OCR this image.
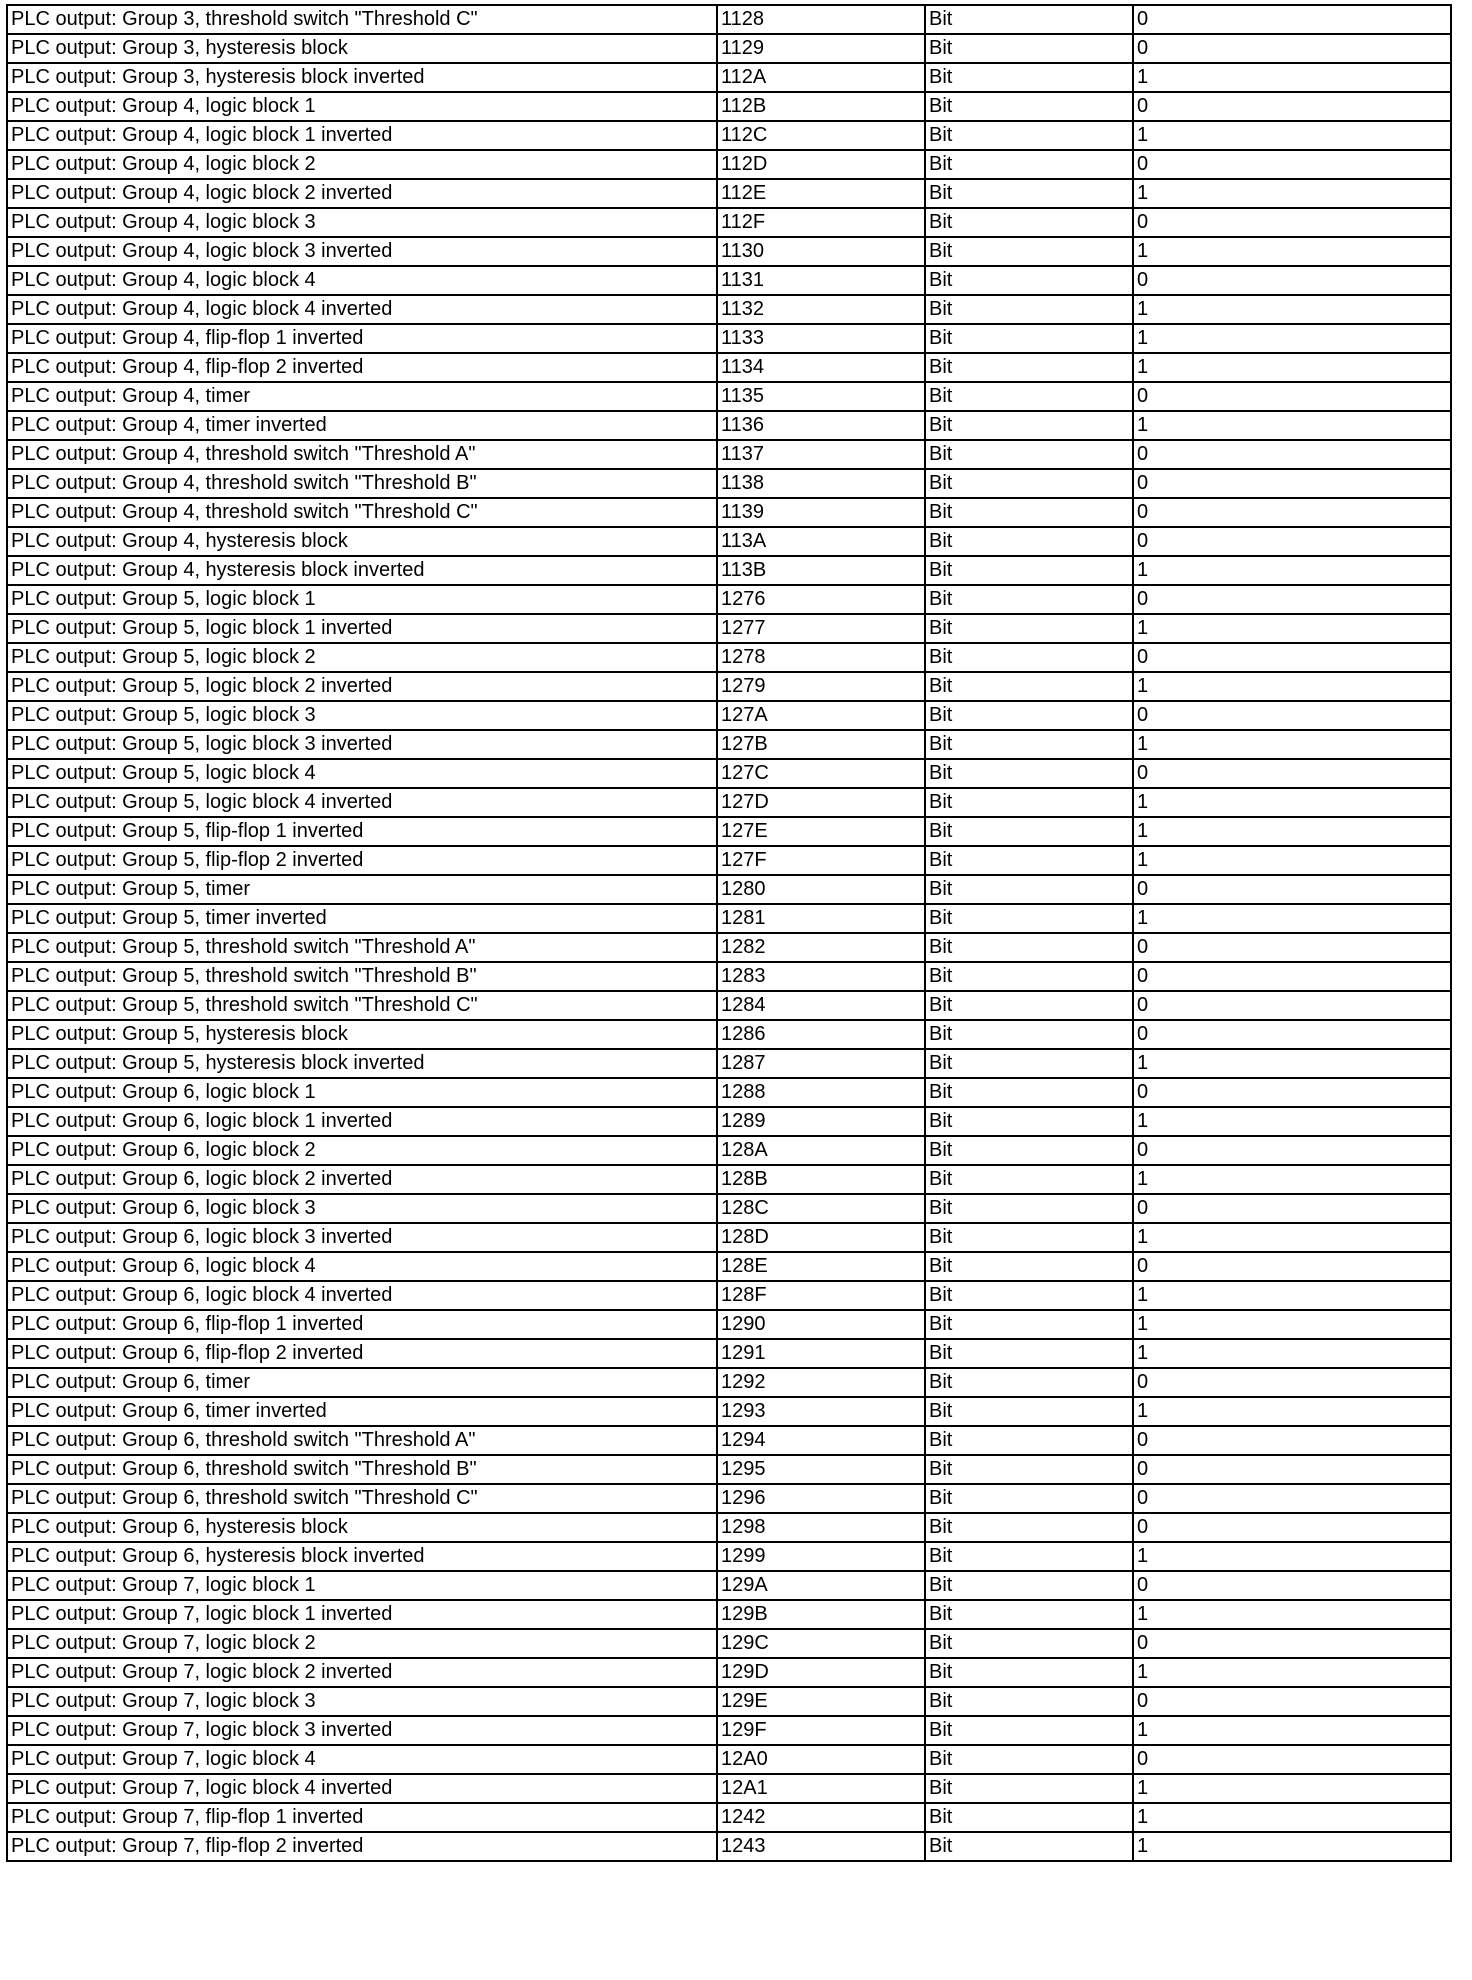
PLC output: Group 3, threshold switch "Threshold C"	1128	Bit	0
PLC output: Group 3, hysteresis block	1129	Bit	0
PLC output: Group 3, hysteresis block inverted	112A	Bit	1
PLC output: Group 4, logic block 1	112B	Bit	0
PLC output: Group 4, logic block 1 inverted	112C	Bit	1
PLC output: Group 4, logic block 2	112D	Bit	0
PLC output: Group 4, logic block 2 inverted	112E	Bit	1
PLC output: Group 4, logic block 3	112F	Bit	0
PLC output: Group 4, logic block 3 inverted	1130	Bit	1
PLC output: Group 4, logic block 4	1131	Bit	0
PLC output: Group 4, logic block 4 inverted	1132	Bit	1
PLC output: Group 4, flip-flop 1 inverted	1133	Bit	1
PLC output: Group 4, flip-flop 2 inverted	1134	Bit	1
PLC output: Group 4, timer	1135	Bit	0
PLC output: Group 4, timer inverted	1136	Bit	1
PLC output: Group 4, threshold switch "Threshold A"	1137	Bit	0
PLC output: Group 4, threshold switch "Threshold B"	1138	Bit	0
PLC output: Group 4, threshold switch "Threshold C"	1139	Bit	0
PLC output: Group 4, hysteresis block	113A	Bit	0
PLC output: Group 4, hysteresis block inverted	113B	Bit	1
PLC output: Group 5, logic block 1	1276	Bit	0
PLC output: Group 5, logic block 1 inverted	1277	Bit	1
PLC output: Group 5, logic block 2	1278	Bit	0
PLC output: Group 5, logic block 2 inverted	1279	Bit	1
PLC output: Group 5, logic block 3	127A	Bit	0
PLC output: Group 5, logic block 3 inverted	127B	Bit	1
PLC output: Group 5, logic block 4	127C	Bit	0
PLC output: Group 5, logic block 4 inverted	127D	Bit	1
PLC output: Group 5, flip-flop 1 inverted	127E	Bit	1
PLC output: Group 5, flip-flop 2 inverted	127F	Bit	1
PLC output: Group 5, timer	1280	Bit	0
PLC output: Group 5, timer inverted	1281	Bit	1
PLC output: Group 5, threshold switch "Threshold A"	1282	Bit	0
PLC output: Group 5, threshold switch "Threshold B"	1283	Bit	0
PLC output: Group 5, threshold switch "Threshold C"	1284	Bit	0
PLC output: Group 5, hysteresis block	1286	Bit	0
PLC output: Group 5, hysteresis block inverted	1287	Bit	1
PLC output: Group 6, logic block 1	1288	Bit	0
PLC output: Group 6, logic block 1 inverted	1289	Bit	1
PLC output: Group 6, logic block 2	128A	Bit	0
PLC output: Group 6, logic block 2 inverted	128B	Bit	1
PLC output: Group 6, logic block 3	128C	Bit	0
PLC output: Group 6, logic block 3 inverted	128D	Bit	1
PLC output: Group 6, logic block 4	128E	Bit	0
PLC output: Group 6, logic block 4 inverted	128F	Bit	1
PLC output: Group 6, flip-flop 1 inverted	1290	Bit	1
PLC output: Group 6, flip-flop 2 inverted	1291	Bit	1
PLC output: Group 6, timer	1292	Bit	0
PLC output: Group 6, timer inverted	1293	Bit	1
PLC output: Group 6, threshold switch "Threshold A"	1294	Bit	0
PLC output: Group 6, threshold switch "Threshold B"	1295	Bit	0
PLC output: Group 6, threshold switch "Threshold C"	1296	Bit	0
PLC output: Group 6, hysteresis block	1298	Bit	0
PLC output: Group 6, hysteresis block inverted	1299	Bit	1
PLC output: Group 7, logic block 1	129A	Bit	0
PLC output: Group 7, logic block 1 inverted	129B	Bit	1
PLC output: Group 7, logic block 2	129C	Bit	0
PLC output: Group 7, logic block 2 inverted	129D	Bit	1
PLC output: Group 7, logic block 3	129E	Bit	0
PLC output: Group 7, logic block 3 inverted	129F	Bit	1
PLC output: Group 7, logic block 4	12A0	Bit	0
PLC output: Group 7, logic block 4 inverted	12A1	Bit	1
PLC output: Group 7, flip-flop 1 inverted	1242	Bit	1
PLC output: Group 7, flip-flop 2 inverted	1243	Bit	1
